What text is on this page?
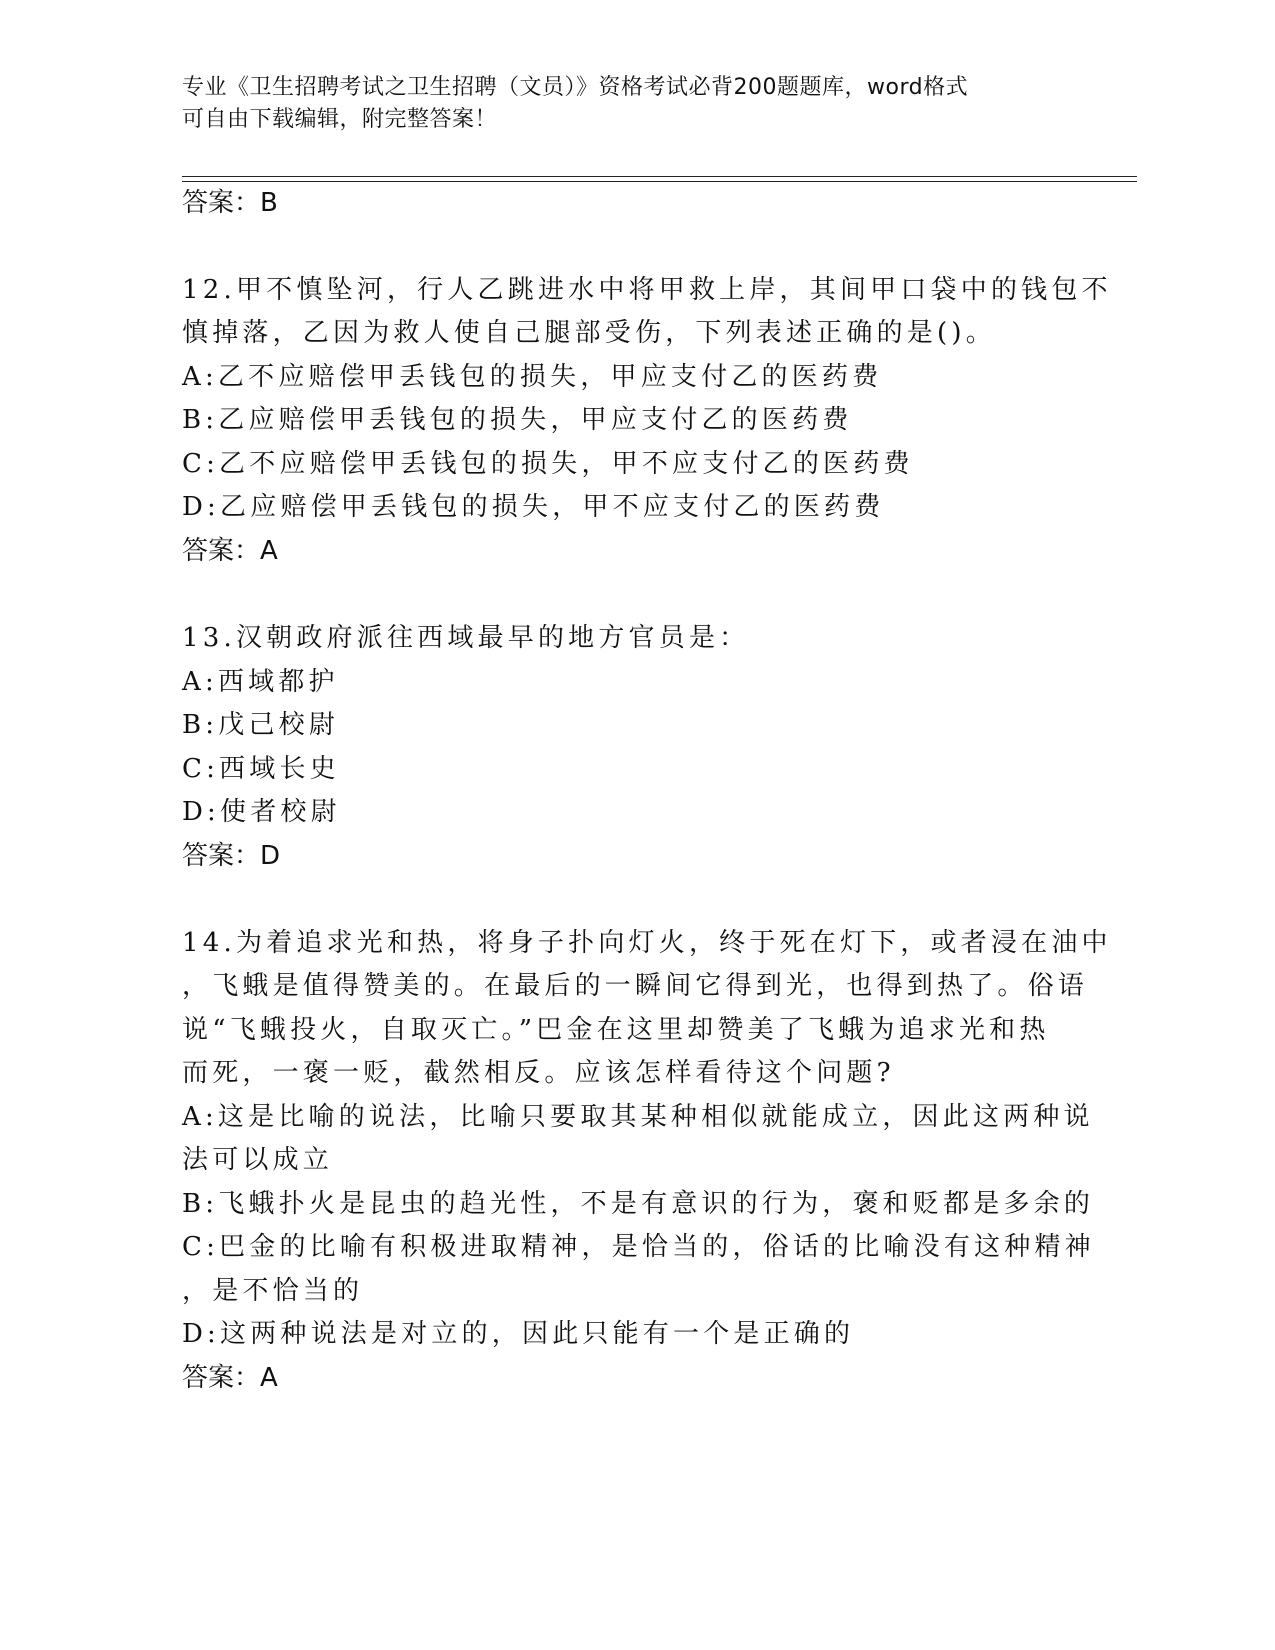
专业《卫生招聘考试之卫生招聘（文员）》资格考试必背200题题库，word格式
可自由下载编辑，附完整答案！
答案：B
12.甲不慎坠河，行人乙跳进水中将甲救上岸，其间甲口袋中的钱包不
慎掉落，乙因为救人使自己腿部受伤，下列表述正确的是()。
A:乙不应赔偿甲丢钱包的损失，甲应支付乙的医药费
B:乙应赔偿甲丢钱包的损失，甲应支付乙的医药费
C:乙不应赔偿甲丢钱包的损失，甲不应支付乙的医药费
D:乙应赔偿甲丢钱包的损失，甲不应支付乙的医药费
答案：A
13.汉朝政府派往西域最早的地方官员是：
A:西域都护
B:戊己校尉
C:西域长史
D:使者校尉
答案：D
14.为着追求光和热，将身子扑向灯火，终于死在灯下，或者浸在油中
，飞蛾是值得赞美的。在最后的一瞬间它得到光，也得到热了。俗语
说“飞蛾投火，自取灭亡。”巴金在这里却赞美了飞蛾为追求光和热
而死，一褒一贬，截然相反。应该怎样看待这个问题?
A:这是比喻的说法，比喻只要取其某种相似就能成立，因此这两种说
法可以成立
B:飞蛾扑火是昆虫的趋光性，不是有意识的行为，褒和贬都是多余的
C:巴金的比喻有积极进取精神，是恰当的，俗话的比喻没有这种精神
，是不恰当的
D:这两种说法是对立的，因此只能有一个是正确的
答案：A
